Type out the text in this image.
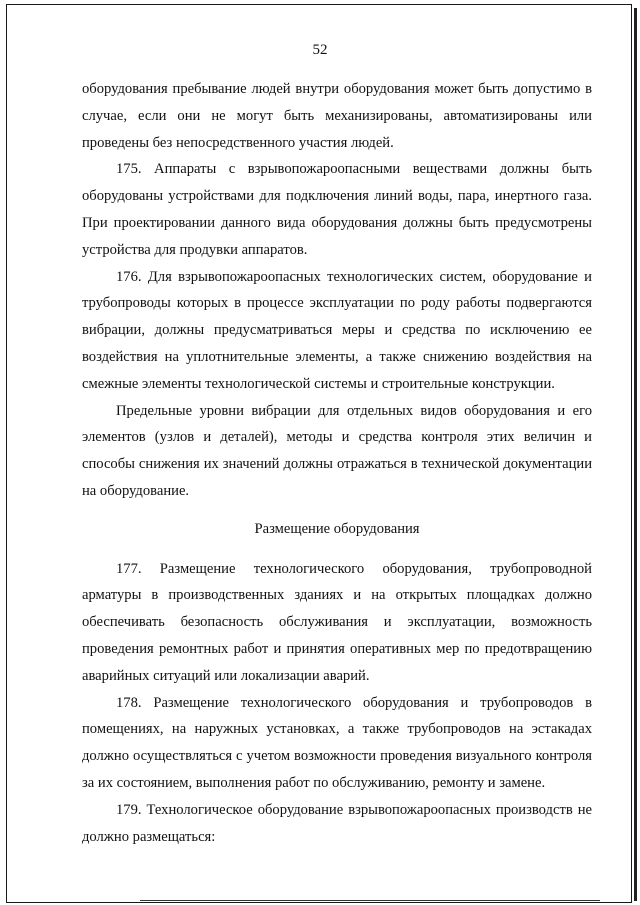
52

оборудования пребывание людей внутри оборудования может быть допустимо в случае, если они не могут быть механизированы, автоматизированы или проведены без непосредственного участия людей.

175. Аппараты с взрывопожароопасными веществами должны быть оборудованы устройствами для подключения линий воды, пара, инертного газа. При проектировании данного вида оборудования должны быть предусмотрены устройства для продувки аппаратов.

176. Для взрывопожароопасных технологических систем, оборудование и трубопроводы которых в процессе эксплуатации по роду работы подвергаются вибрации, должны предусматриваться меры и средства по исключению ее воздействия на уплотнительные элементы, а также снижению воздействия на смежные элементы технологической системы и строительные конструкции.

Предельные уровни вибрации для отдельных видов оборудования и его элементов (узлов и деталей), методы и средства контроля этих величин и способы снижения их значений должны отражаться в технической документации на оборудование.

Размещение оборудования

177. Размещение технологического оборудования, трубопроводной арматуры в производственных зданиях и на открытых площадках должно обеспечивать безопасность обслуживания и эксплуатации, возможность проведения ремонтных работ и принятия оперативных мер по предотвращению аварийных ситуаций или локализации аварий.

178. Размещение технологического оборудования и трубопроводов в помещениях, на наружных установках, а также трубопроводов на эстакадах должно осуществляться с учетом возможности проведения визуального контроля за их состоянием, выполнения работ по обслуживанию, ремонту и замене.

179. Технологическое оборудование взрывопожароопасных производств не должно размещаться:
